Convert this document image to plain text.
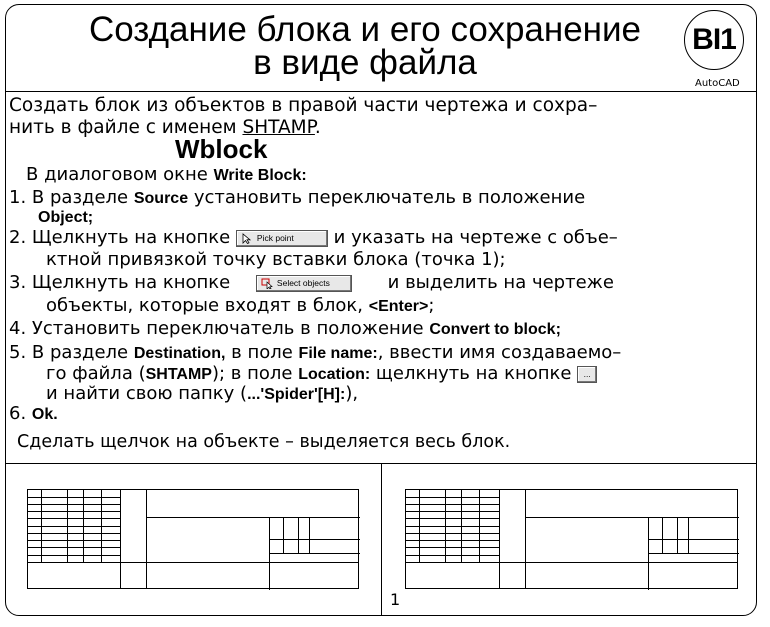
Создание блока и его сохранение
в виде файла
BI1
AutoCAD
Создать блок из объектов в правой части чертежа и сохра–
нить в файле с именем SHTAMP.
Wblock
В диалоговом окне Write Block:
1. В разделе Source установить переключатель в положение
Object;
2. Щелкнуть на кнопке Pick point и указать на чертеже с объе–
ктной привязкой точку вставки блока (точка 1);
3. Щелкнуть на кнопке	Select objects	и выделить на чертеже
объекты, которые входят в блок, <Enter>;
4. Установить переключатель в положение Convert to block;
5. В разделе Destination, в поле File name:, ввести имя создаваемо–
го файла (SHTAMP); в поле Location: щелкнуть на кнопке ...
и найти свою папку (...'Spider'[H]:),
6. Ok.
Сделать щелчок на объекте – выделяется весь блок.
1
